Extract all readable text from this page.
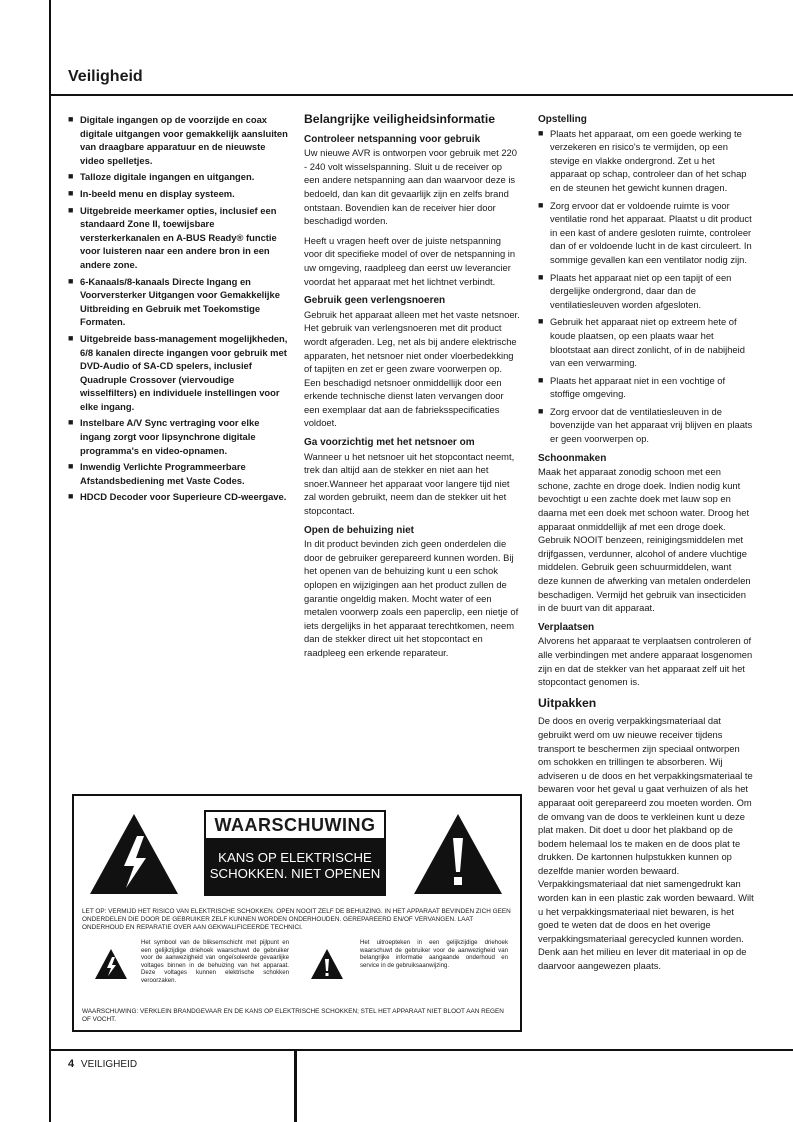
Veiligheid
■ Digitale ingangen op de voorzijde en coax digitale uitgangen voor gemakkelijk aansluiten van draagbare apparatuur en de nieuwste video spelletjes.
■ Talloze digitale ingangen en uitgangen.
■ In-beeld menu en display systeem.
■ Uitgebreide meerkamer opties, inclusief een standaard Zone II, toewijsbare versterkerkanalen en A-BUS Ready® functie voor luisteren naar een andere bron in een andere zone.
■ 6-Kanaals/8-kanaals Directe Ingang en Voorversterker Uitgangen voor Gemakkelijke Uitbreiding en Gebruik met Toekomstige Formaten.
■ Uitgebreide bass-management mogelijkheden, 6/8 kanalen directe ingangen voor gebruik met DVD-Audio of SA-CD spelers, inclusief Quadruple Crossover (viervoudige wisselfilters) en individuele instellingen voor elke ingang.
■ Instelbare A/V Sync vertraging voor elke ingang zorgt voor lipsynchrone digitale programma's en video-opnamen.
■ Inwendig Verlichte Programmeerbare Afstandsbediening met Vaste Codes.
■ HDCD Decoder voor Superieure CD-weergave.
Belangrijke veiligheidsinformatie
Controleer netspanning voor gebruik

Uw nieuwe AVR is ontworpen voor gebruik met 220 - 240 volt wisselspanning. Sluit u de receiver op een andere netspanning aan dan waarvoor deze is bedoeld, dan kan dit gevaarlijk zijn en zelfs brand ontstaan. Bovendien kan de receiver hier door beschadigd worden.

Heeft u vragen heeft over de juiste netspanning voor dit specifieke model of over de netspanning in uw omgeving, raadpleeg dan eerst uw leverancier voordat het apparaat met het lichtnet verbindt.

Gebruik geen verlengsnoeren

Gebruik het apparaat alleen met het vaste netsnoer. Het gebruik van verlengsnoeren met dit product wordt afgeraden. Leg, net als bij andere elektrische apparaten, het netsnoer niet onder vloerbedekking of tapijten en zet er geen zware voorwerpen op. Een beschadigd netsnoer onmiddellijk door een erkende technische dienst laten vervangen door een exemplaar dat aan de fabrieksspecificaties voldoet.

Ga voorzichtig met het netsnoer om

Wanneer u het netsnoer uit het stopcontact neemt, trek dan altijd aan de stekker en niet aan het snoer.Wanneer het apparaat voor langere tijd niet zal worden gebruikt, neem dan de stekker uit het stopcontact.

Open de behuizing niet

In dit product bevinden zich geen onderdelen die door de gebruiker gerepareerd kunnen worden. Bij het openen van de behuizing kunt u een schok oplopen en wijzigingen aan het product zullen de garantie ongeldig maken. Mocht water of een metalen voorwerp zoals een paperclip, een nietje of iets dergelijks in het apparaat terechtkomen, neem dan de stekker direct uit het stopcontact en raadpleeg een erkende reparateur.

Opstelling
■ Plaats het apparaat, om een goede werking te verzekeren en risico's te vermijden, op een stevige en vlakke ondergrond. Zet u het apparaat op schap, controleer dan of het schap en de steunen het gewicht kunnen dragen.
■ Zorg ervoor dat er voldoende ruimte is voor ventilatie rond het apparaat. Plaatst u dit product in een kast of andere gesloten ruimte, controleer dan of er voldoende lucht in de kast circuleert. In sommige gevallen kan een ventilator nodig zijn.
■ Plaats het apparaat niet op een tapijt of een dergelijke ondergrond, daar dan de ventilatiesleuven worden afgesloten.
■ Gebruik het apparaat niet op extreem hete of koude plaatsen, op een plaats waar het blootstaat aan direct zonlicht, of in de nabijheid van een verwarming.
■ Plaats het apparaat niet in een vochtige of stoffige omgeving.
■ Zorg ervoor dat de ventilatiesleuven in de bovenzijde van het apparaat vrij blijven en plaats er geen voorwerpen op.
Schoonmaken

Maak het apparaat zonodig schoon met een schone, zachte en droge doek. Indien nodig kunt bevochtigt u een zachte doek met lauw sop en daarna met een doek met schoon water. Droog het apparaat onmiddellijk af met een droge doek. Gebruik NOOIT benzeen, reinigingsmiddelen met drijfgassen, verdunner, alcohol of andere vluchtige middelen. Gebruik geen schuurmiddelen, want deze kunnen de afwerking van metalen onderdelen beschadigen. Vermijd het gebruik van insecticiden in de buurt van dit apparaat.

Verplaatsen

Alvorens het apparaat te verplaatsen controleren of alle verbindingen met andere apparaat losgenomen zijn en dat de stekker van het apparaat zelf uit het stopcontact genomen is.

Uitpakken

De doos en overig verpakkingsmateriaal dat gebruikt werd om uw nieuwe receiver tijdens transport te beschermen zijn speciaal ontworpen om schokken en trillingen te absorberen. Wij adviseren u de doos en het verpakkingsmateriaal te bewaren voor het geval u gaat verhuizen of als het apparaat ooit gerepareerd zou moeten worden. Om de omvang van de doos te verkleinen kunt u deze plat maken. Dit doet u door het plakband op de bodem helemaal los te maken en de doos plat te drukken. De kartonnen hulpstukken kunnen op dezelfde manier worden bewaard. Verpakkingsmateriaal dat niet samengedrukt kan worden kan in een plastic zak worden bewaard. Wilt u het verpakkingsmateriaal niet bewaren, is het goed te weten dat de doos en het overige verpakkingsmateriaal gerecycled kunnen worden. Denk aan het milieu en lever dit materiaal in op de daarvoor aangewezen plaats.

WAARSCHUWING
KANS OP ELEKTRISCHE
SCHOKKEN. NIET OPENEN
LET OP: VERMIJD HET RISICO VAN ELEKTRISCHE SCHOKKEN. OPEN NOOIT ZELF DE BEHUIZING. IN HET APPARAAT BEVINDEN ZICH GEEN ONDERDELEN DIE DOOR DE GEBRUIKER ZELF KUNNEN WORDEN ONDERHOUDEN. GEREPAREERD EN/OF VERVANGEN. LAAT ONDERHOUD EN REPARATIE OVER AAN GEKWALIFICEERDE TECHNICI.
Het symbool van de bliksemschicht met pijlpunt en een gelijkzijdige driehoek waarschuwt de gebruiker voor de aanwezigheid van ongeïsoleerde gevaarlijke voltages binnen in de behuizing van het apparaat. Deze voltages kunnen elektrische schokken veroorzaken.
Het uitroepteken in een gelijkzijdige driehoek waarschuwt de gebruiker voor de aanwezigheid van belangrijke informatie aangaande onderhoud en service in de gebruiksaanwijzing.
WAARSCHUWING: VERKLEIN BRANDGEVAAR EN DE KANS OP ELEKTRISCHE SCHOKKEN; STEL HET APPARAAT NIET BLOOT AAN REGEN OF VOCHT.
4 VEILIGHEID
